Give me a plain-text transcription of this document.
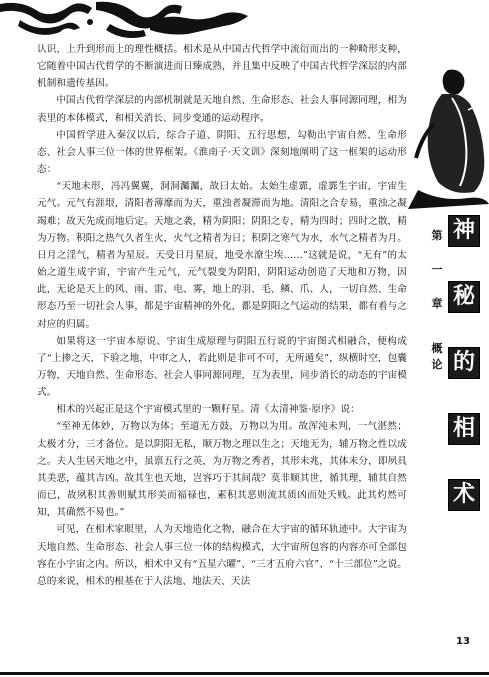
认识，上升到形而上的理性概括。相术是从中国古代哲学中流衍而出的一种畸形支种，它随着中国古代哲学的不断演进而日臻成熟，并且集中反映了中国古代哲学深层的内部机制和遗传基因。

中国古代哲学深层的内部机制就是天地自然、生命形态、社会人事同源同理，相为表里的本体模式，和相关消长、同步变通的运动程序。

中国哲学进入秦汉以后，综合子道、阴阳、五行思想，勾勒出宇宙自然、生命形态、社会人事三位一体的世界框架。《淮南子·天文训》深刻地阐明了这一框架的运动形态：

“天地未形，冯冯翼翼，洞洞灟灟，故曰太始。太始生虚霩，虚霩生宇宙，宇宙生元气。元气有涯垠，清阳者薄靡而为天，重浊者凝滞而为地。清阳之合专易，重浊之凝竭难；故天先成而地后定。天地之袭，精为阴阳；阴阳之专，精为四时；四时之散，精为万物。积阳之热气久者生火，火气之精者为日；积阴之寒气为水，水气之精者为月。日月之淫气，精者为星辰。天受日月星辰，地受水潦尘埃……”这就是说，“无有”的太始之道生成宇宙，宇宙产生元气，元气裂变为阴阳，阴阳运动创造了天地和万物，因此，无论是天上的风、雨、雷、电、雾，地上的羽、毛、鳞、爪、人，一切自然、生命形态乃至一切社会人事，都是宇宙精神的外化，都是阴阳之气运动的结果，都有着与之对应的归属。

如果将这一宇宙本原说、宇宙生成原理与阴阳五行说的宇宙图式相融合，便构成了“上掺之天，下验之地，中审之人，若此则是非可不可，无所遁矣”，纵横时空，包囊万物，天地自然、生命形态、社会人事同源同理，互为表里，同步消长的动态的宇宙模式。

相术的兴起正是这个宇宙模式里的一颗籽星。清《太清神鉴·原序》说：

“至神无体妙，万物以为体；至道无方鼓，万物以为用。故浑沌未判，一气湛然；太极才分，三才备位。是以阴阳无私，顺万物之理以生之；天地无为，辅万物之性以成之。夫人生居天地之中，虽禀五行之英，为万物之秀者，其形未兆，其体未分，即夙具其美恶，蕴其吉凶。故其生也天地，岂容巧于其间哉？莫非顺其世，循其理，辅其自然而已，故夙积其善则赋其形美而福禄也，素积其恶则流其质凶而处夭贱。此其灼然可知，其确然不易也。”

可见，在相术家眼里，人为天地造化之物，融合在大宇宙的循环轨迹中。大宇宙为天地自然、生命形态、社会人事三位一体的结构模式，大宇宙所包容的内容亦可全部包容在小宇宙之内。所以，相术中又有“五星六曜”、“三才五府六官”、“十三部位”之说。总的来说，相术的根基在于人法地、地法天、天法

第
一
章
概
论
神
秘
的
相
术
13
